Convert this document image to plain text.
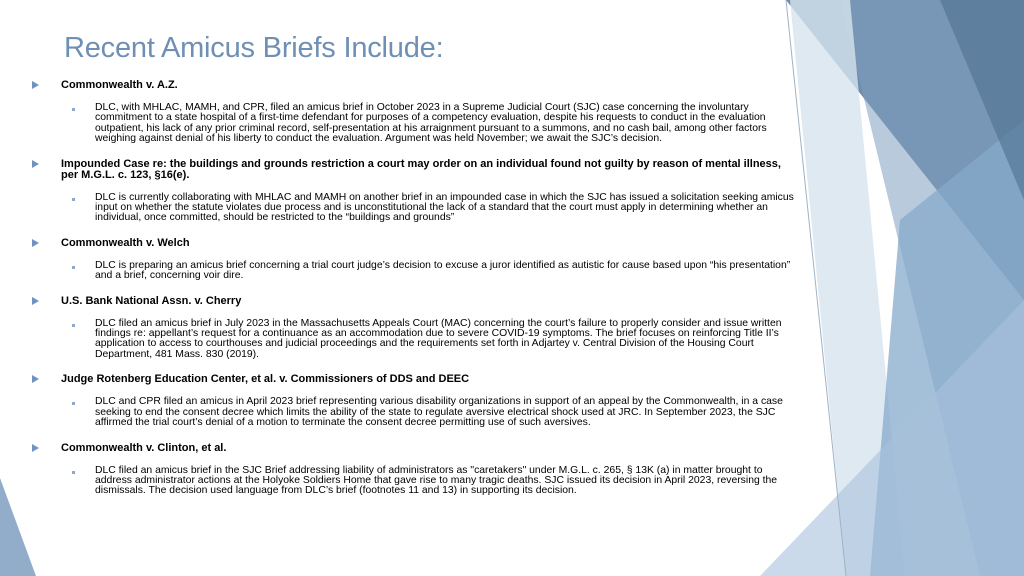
Recent Amicus Briefs Include:
Commonwealth v. A.Z.
DLC, with MHLAC, MAMH, and CPR, filed an amicus brief in October 2023 in a Supreme Judicial Court (SJC) case concerning the involuntary commitment to a state hospital of a first-time defendant for purposes of a competency evaluation, despite his requests to conduct in the evaluation outpatient, his lack of any prior criminal record, self-presentation at his arraignment pursuant to a summons, and no cash bail, among other factors weighing against denial of his liberty to conduct the evaluation. Argument was held November; we await the SJC’s decision.
Impounded Case re: the buildings and grounds restriction a court may order on an individual found not guilty by reason of mental illness, per M.G.L. c. 123, §16(e).
DLC is currently collaborating with MHLAC and MAMH on another brief in an impounded case in which the SJC has issued a solicitation seeking amicus input on whether the statute violates due process and is unconstitutional the lack of a standard that the court must apply in determining whether an individual, once committed, should be restricted to the “buildings and grounds”
Commonwealth v. Welch
DLC is preparing an amicus brief concerning a trial court judge’s decision to excuse a juror identified as autistic for cause based upon “his presentation” and a brief, concerning voir dire.
U.S. Bank National Assn. v. Cherry
DLC filed an amicus brief in July 2023 in the Massachusetts Appeals Court (MAC) concerning the court’s failure to properly consider and issue written findings re: appellant’s request for a continuance as an accommodation due to severe COVID-19 symptoms. The brief focuses on reinforcing Title II’s application to access to courthouses and judicial proceedings and the requirements set forth in Adjartey v. Central Division of the Housing Court Department, 481 Mass. 830 (2019).
Judge Rotenberg Education Center, et al. v. Commissioners of DDS and DEEC
DLC and CPR filed an amicus in April 2023 brief representing various disability organizations in support of an appeal by the Commonwealth, in a case seeking to end the consent decree which limits the ability of the state to regulate aversive electrical shock used at JRC. In September 2023, the SJC affirmed the trial court’s denial of a motion to terminate the consent decree permitting use of such aversives.
Commonwealth v. Clinton, et al.
DLC filed an amicus brief in the SJC Brief addressing liability of administrators as "caretakers" under M.G.L. c. 265, § 13K (a) in matter brought to address administrator actions at the Holyoke Soldiers Home that gave rise to many tragic deaths. SJC issued its decision in April 2023, reversing the dismissals. The decision used language from DLC’s brief (footnotes 11 and 13) in supporting its decision.
